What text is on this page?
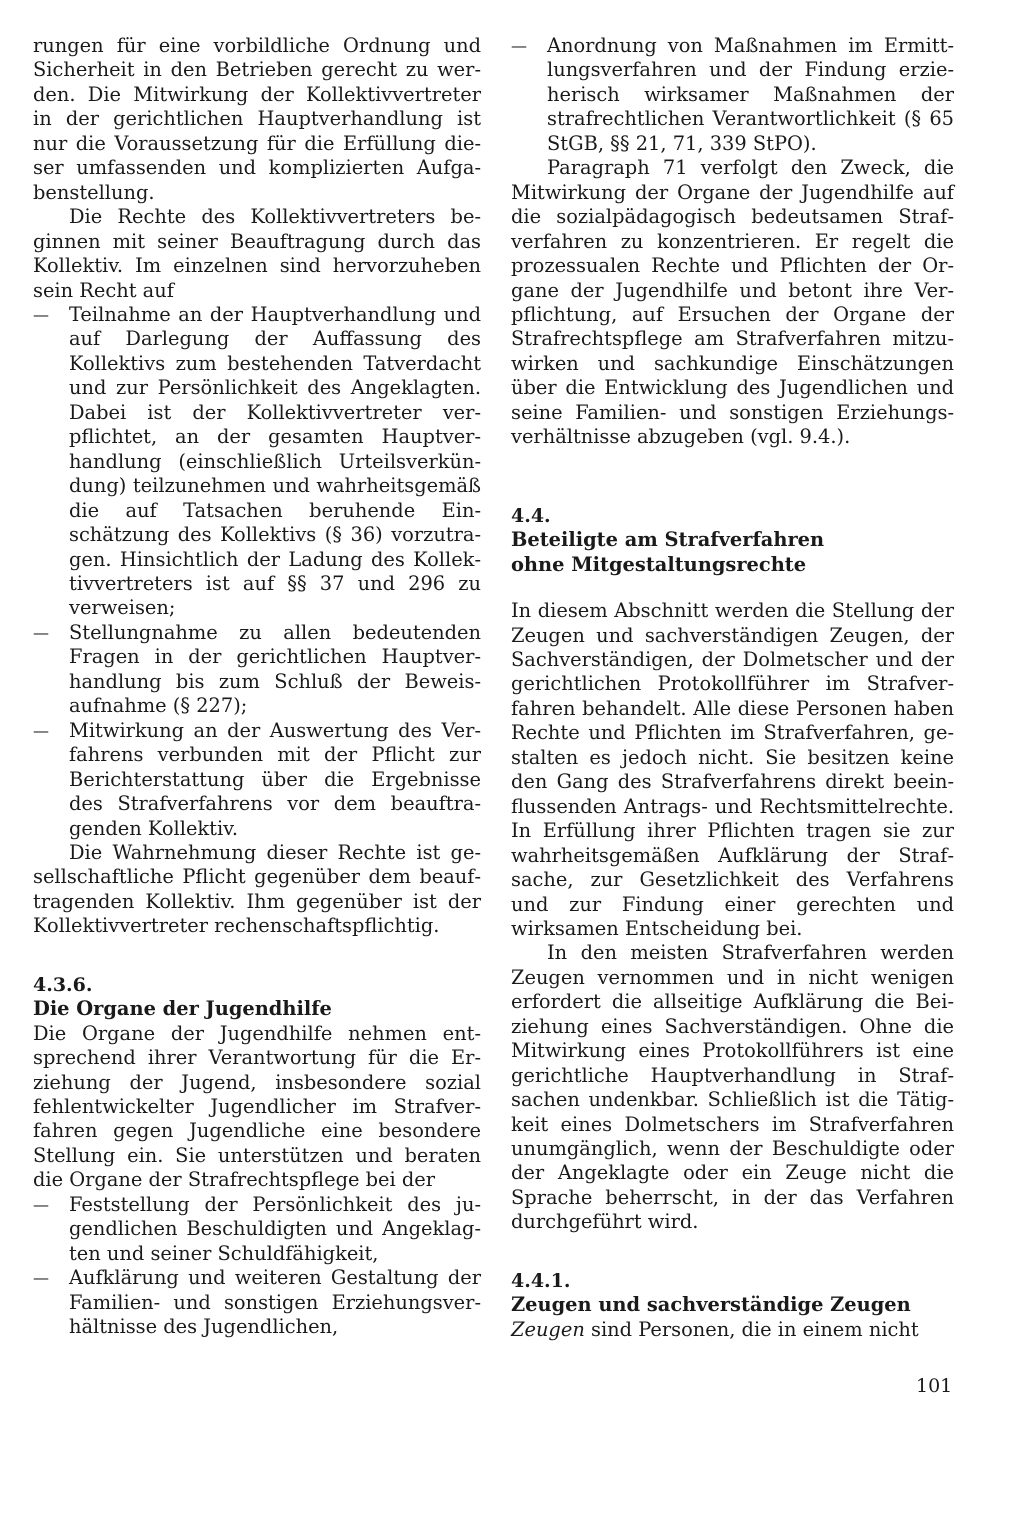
rungen für eine vorbildliche Ordnung und Sicherheit in den Betrieben gerecht zu werden. Die Mitwirkung der Kollektivvertreter in der gerichtlichen Hauptverhandlung ist nur die Voraussetzung für die Erfüllung dieser umfassenden und komplizierten Aufgabenstellung.

Die Rechte des Kollektivvertreters beginnen mit seiner Beauftragung durch das Kollektiv. Im einzelnen sind hervorzuheben sein Recht auf

— Teilnahme an der Hauptverhandlung und auf Darlegung der Auffassung des Kollektivs zum bestehenden Tatverdacht und zur Persönlichkeit des Angeklagten. Dabei ist der Kollektivvertreter verpflichtet, an der gesamten Hauptverhandlung (einschließlich Urteilsverkündung) teilzunehmen und wahrheitsgemäß die auf Tatsachen beruhende Einschätzung des Kollektivs (§ 36) vorzutragen. Hinsichtlich der Ladung des Kollektivvertreters ist auf §§ 37 und 296 zu verweisen;
— Stellungnahme zu allen bedeutenden Fragen in der gerichtlichen Hauptverhandlung bis zum Schluß der Beweisaufnahme (§ 227);
— Mitwirkung an der Auswertung des Verfahrens verbunden mit der Pflicht zur Berichterstattung über die Ergebnisse des Strafverfahrens vor dem beauftragenden Kollektiv.

Die Wahrnehmung dieser Rechte ist gesellschaftliche Pflicht gegenüber dem beauftragenden Kollektiv. Ihm gegenüber ist der Kollektivvertreter rechenschaftspflichtig.

4.3.6.
Die Organe der Jugendhilfe

Die Organe der Jugendhilfe nehmen entsprechend ihrer Verantwortung für die Erziehung der Jugend, insbesondere sozial fehlentwickelter Jugendlicher im Strafverfahren gegen Jugendliche eine besondere Stellung ein. Sie unterstützen und beraten die Organe der Strafrechtspflege bei der

— Feststellung der Persönlichkeit des jugendlichen Beschuldigten und Angeklagten und seiner Schuldfähigkeit,
— Aufklärung und weiteren Gestaltung der Familien- und sonstigen Erziehungsverhältnisse des Jugendlichen,
— Anordnung von Maßnahmen im Ermittlungsverfahren und der Findung erzieherisch wirksamer Maßnahmen der strafrechtlichen Verantwortlichkeit (§ 65 StGB, §§ 21, 71, 339 StPO).

Paragraph 71 verfolgt den Zweck, die Mitwirkung der Organe der Jugendhilfe auf die sozialpädagogisch bedeutsamen Strafverfahren zu konzentrieren. Er regelt die prozessualen Rechte und Pflichten der Organe der Jugendhilfe und betont ihre Verpflichtung, auf Ersuchen der Organe der Strafrechtspflege am Strafverfahren mitzuwirken und sachkundige Einschätzungen über die Entwicklung des Jugendlichen und seine Familien- und sonstigen Erziehungsverhältnisse abzugeben (vgl. 9.4.).

4.4.
Beteiligte am Strafverfahren
ohne Mitgestaltungsrechte

In diesem Abschnitt werden die Stellung der Zeugen und sachverständigen Zeugen, der Sachverständigen, der Dolmetscher und der gerichtlichen Protokollführer im Strafverfahren behandelt. Alle diese Personen haben Rechte und Pflichten im Strafverfahren, gestalten es jedoch nicht. Sie besitzen keine den Gang des Strafverfahrens direkt beeinflussenden Antrags- und Rechtsmittelrechte. In Erfüllung ihrer Pflichten tragen sie zur wahrheitsgemäßen Aufklärung der Strafsache, zur Gesetzlichkeit des Verfahrens und zur Findung einer gerechten und wirksamen Entscheidung bei.

In den meisten Strafverfahren werden Zeugen vernommen und in nicht wenigen erfordert die allseitige Aufklärung die Beiziehung eines Sachverständigen. Ohne die Mitwirkung eines Protokollführers ist eine gerichtliche Hauptverhandlung in Strafsachen undenkbar. Schließlich ist die Tätigkeit eines Dolmetschers im Strafverfahren unumgänglich, wenn der Beschuldigte oder der Angeklagte oder ein Zeuge nicht die Sprache beherrscht, in der das Verfahren durchgeführt wird.

4.4.1.
Zeugen und sachverständige Zeugen

Zeugen sind Personen, die in einem nicht

101
